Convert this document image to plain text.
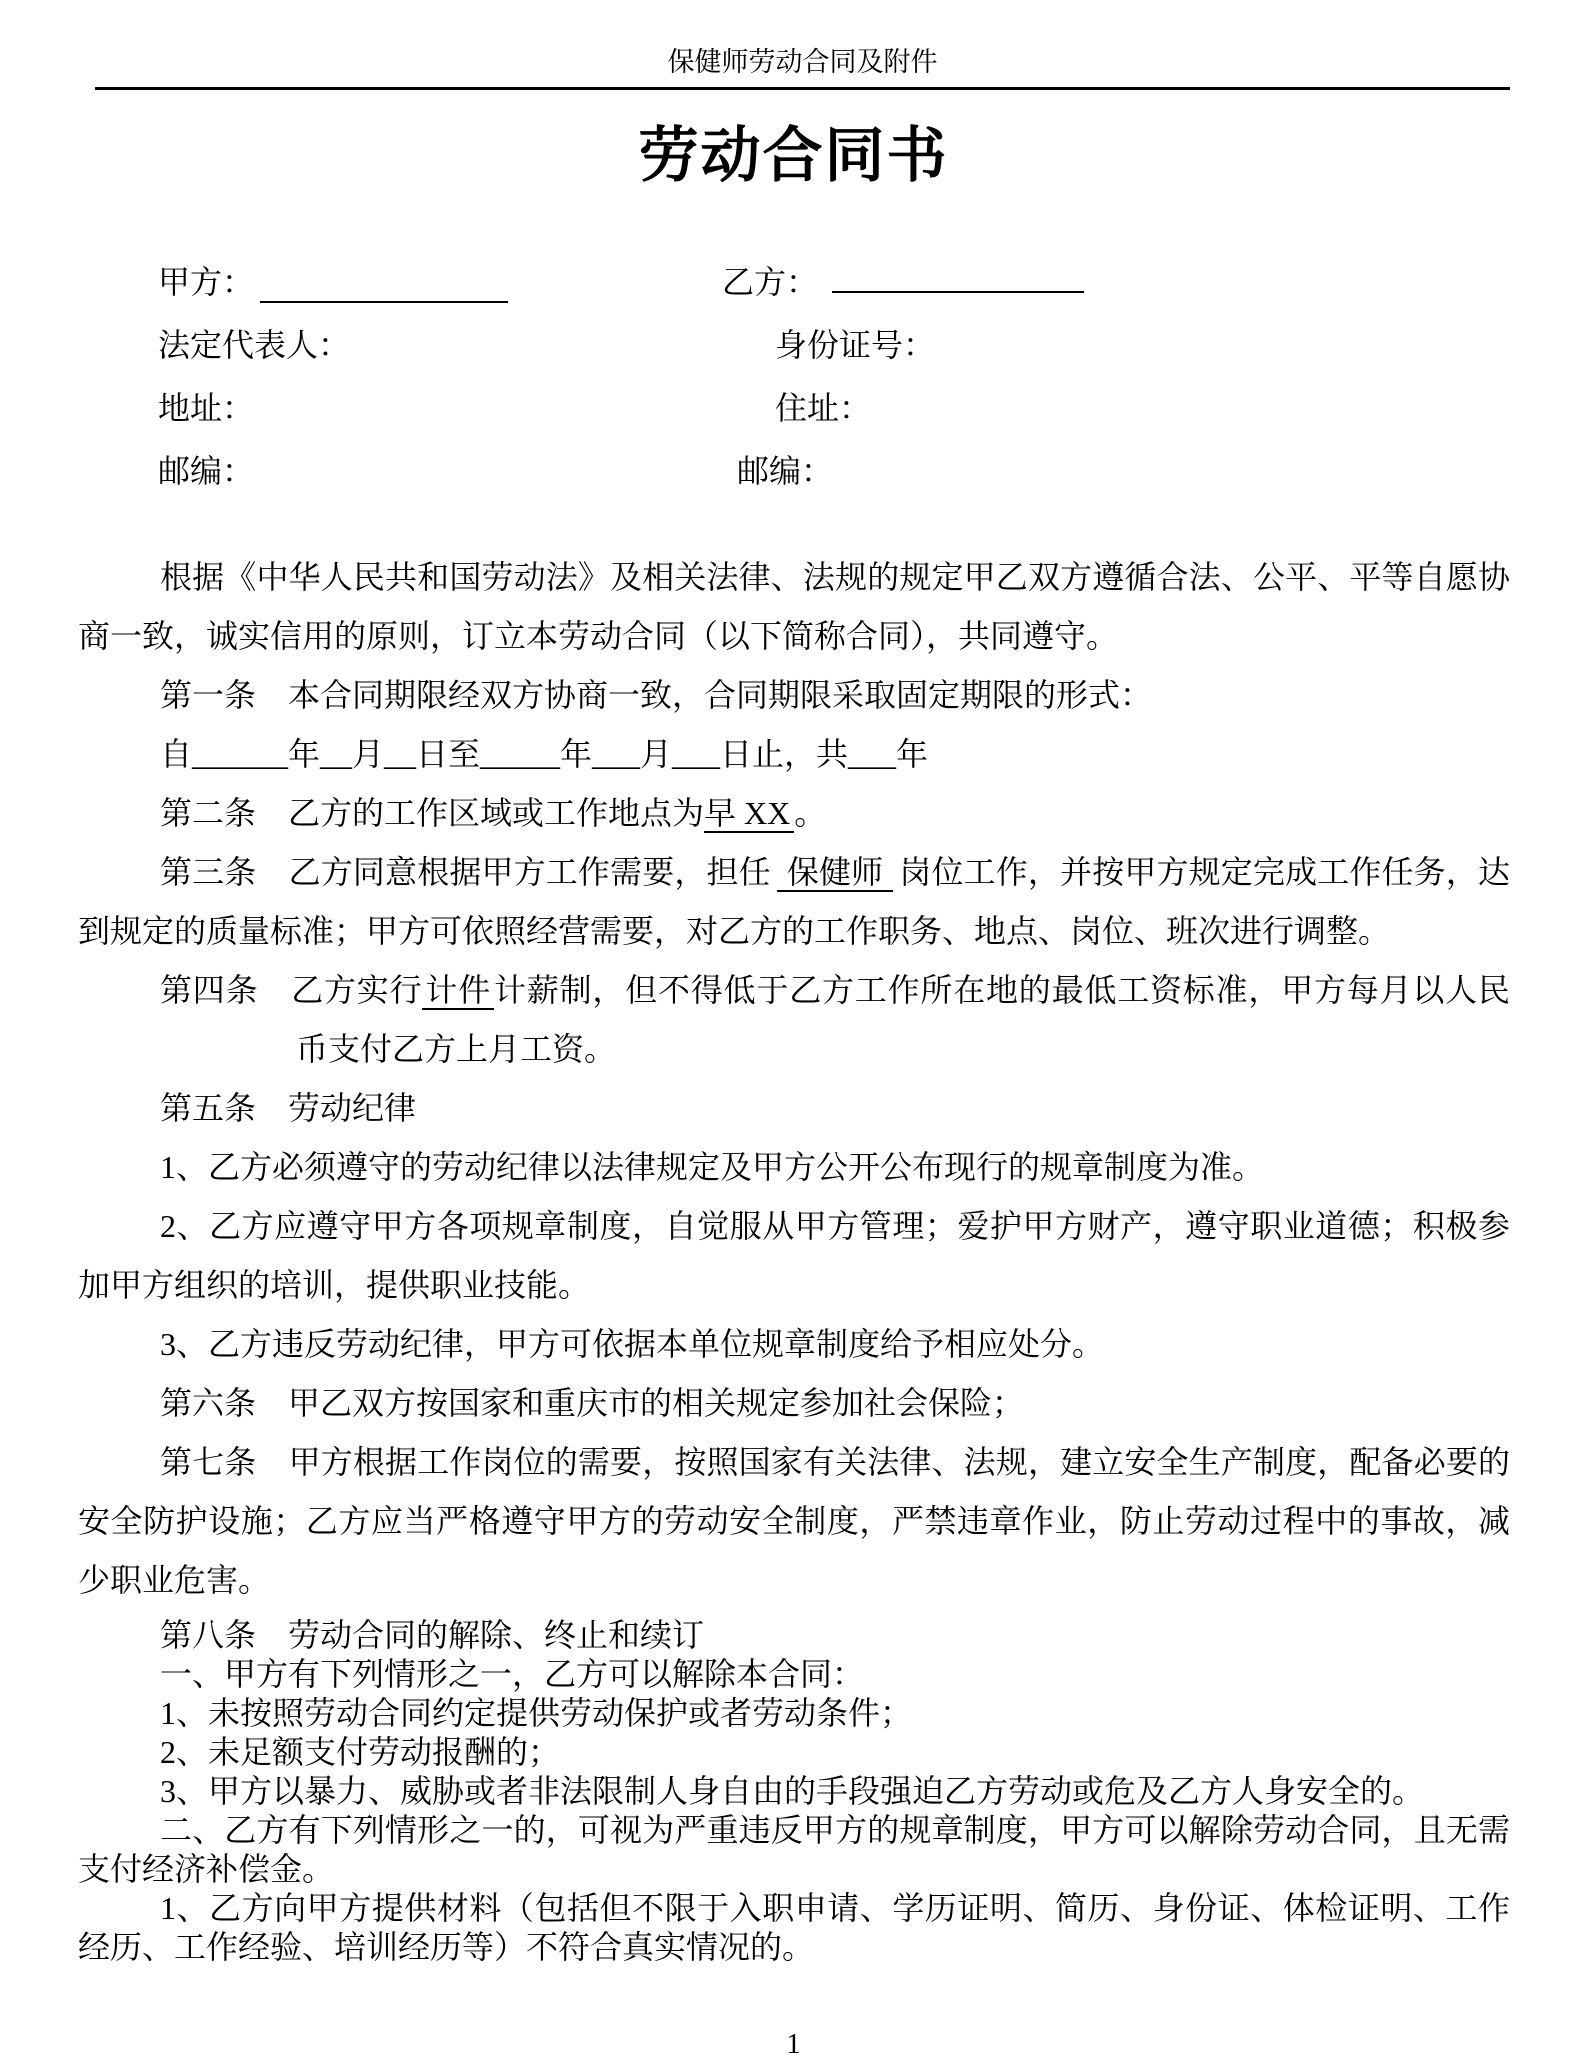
保健师劳动合同及附件
劳动合同书
甲方：	乙方：
法定代表人：	身份证号：
地址：	住址：
邮编：	邮编：

根据《中华人民共和国劳动法》及相关法律、法规的规定甲乙双方遵循合法、公平、平等自愿协商一致，诚实信用的原则，订立本劳动合同（以下简称合同），共同遵守。

第一条　本合同期限经双方协商一致，合同期限采取固定期限的形式：

自______年__月__日至_____年___月___日止，共___年

第二条　乙方的工作区域或工作地点为早 XX 。

第三条　乙方同意根据甲方工作需要，担任 保健师 岗位工作，并按甲方规定完成工作任务，达到规定的质量标准；甲方可依照经营需要，对乙方的工作职务、地点、岗位、班次进行调整。

第四条　乙方实行计件计薪制，但不得低于乙方工作所在地的最低工资标准，甲方每月以人民币支付乙方上月工资。

第五条　劳动纪律

1、乙方必须遵守的劳动纪律以法律规定及甲方公开公布现行的规章制度为准。

2、乙方应遵守甲方各项规章制度，自觉服从甲方管理；爱护甲方财产，遵守职业道德；积极参加甲方组织的培训，提供职业技能。

3、乙方违反劳动纪律，甲方可依据本单位规章制度给予相应处分。

第六条　甲乙双方按国家和重庆市的相关规定参加社会保险；

第七条　甲方根据工作岗位的需要，按照国家有关法律、法规，建立安全生产制度，配备必要的安全防护设施；乙方应当严格遵守甲方的劳动安全制度，严禁违章作业，防止劳动过程中的事故，减少职业危害。

第八条　劳动合同的解除、终止和续订

一、甲方有下列情形之一，乙方可以解除本合同：

1、未按照劳动合同约定提供劳动保护或者劳动条件；

2、未足额支付劳动报酬的；

3、甲方以暴力、威胁或者非法限制人身自由的手段强迫乙方劳动或危及乙方人身安全的。

二、乙方有下列情形之一的，可视为严重违反甲方的规章制度，甲方可以解除劳动合同，且无需支付经济补偿金。

1、乙方向甲方提供材料（包括但不限于入职申请、学历证明、简历、身份证、体检证明、工作经历、工作经验、培训经历等）不符合真实情况的。

1
